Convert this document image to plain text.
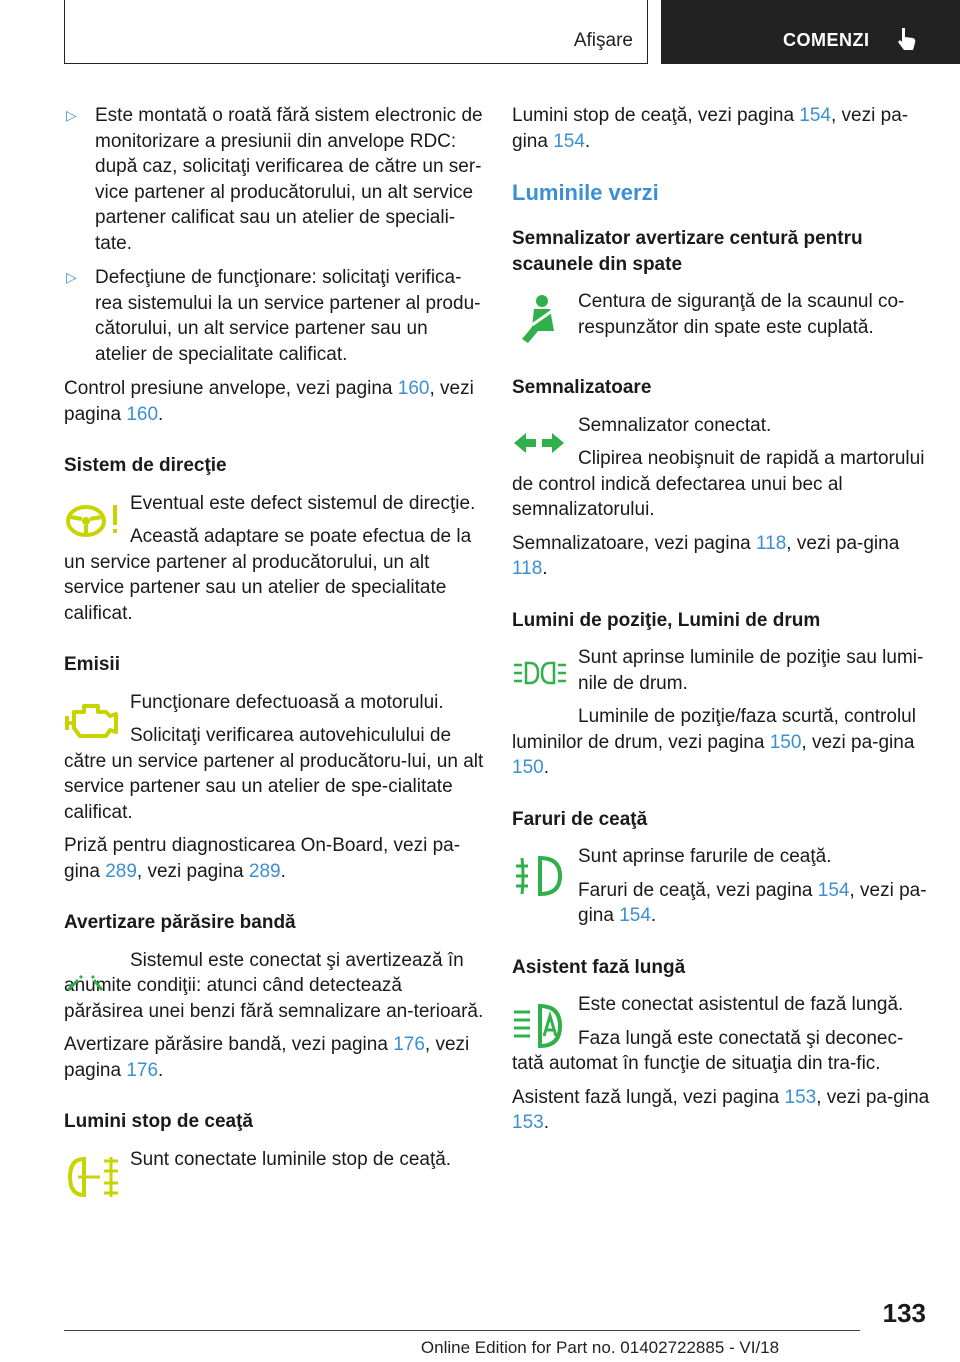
Afişare	COMENZI
▷ Este montată o roată fără sistem electronic de monitorizare a presiunii din anvelope RDC: după caz, solicitaţi verificarea de către un ser‐vice partener al producătorului, un alt service partener calificat sau un atelier de speciali‐tate.
▷ Defecţiune de funcţionare: solicitaţi verifica‐rea sistemului la un service partener al produ‐cătorului, un alt service partener sau un atelier de specialitate calificat.

Control presiune anvelope, vezi pagina 160, vezi pagina 160.

Sistem de direcţie

Eventual este defect sistemul de direcţie.

Această adaptare se poate efectua de la un service partener al producătorului, un alt service partener sau un atelier de specialitate calificat.

Emisii

Funcţionare defectuoasă a motorului.

Solicitaţi verificarea autovehiculului de către un service partener al producătoru‐lui, un alt service partener sau un atelier de spe‐cialitate calificat.

Priză pentru diagnosticarea On-Board, vezi pa‐gina 289, vezi pagina 289.

Avertizare părăsire bandă

Sistemul este conectat şi avertizează în anumite condiţii: atunci când detectează părăsirea unei benzi fără semnalizare an‐terioară.

Avertizare părăsire bandă, vezi pagina 176, vezi pagina 176.

Lumini stop de ceaţă

Sunt conectate luminile stop de ceaţă.

Lumini stop de ceaţă, vezi pagina 154, vezi pa‐gina 154.

Luminile verzi
Semnalizator avertizare centură pentru scaunele din spate

Centura de siguranţă de la scaunul co‐respunzător din spate este cuplată.

Semnalizatoare

Semnalizator conectat.

Clipirea neobişnuit de rapidă a martorului de control indică defectarea unui bec al semnalizatorului.

Semnalizatoare, vezi pagina 118, vezi pa‐gina 118.

Lumini de poziţie, Lumini de drum

Sunt aprinse luminile de poziţie sau lumi‐nile de drum.

Luminile de poziţie/faza scurtă, controlul luminilor de drum, vezi pagina 150, vezi pa‐gina 150.

Faruri de ceaţă

Sunt aprinse farurile de ceaţă.

Faruri de ceaţă, vezi pagina 154, vezi pa‐gina 154.

Asistent fază lungă

Este conectat asistentul de fază lungă.

Faza lungă este conectată şi deconec‐tată automat în funcţie de situaţia din tra‐fic.

Asistent fază lungă, vezi pagina 153, vezi pa‐gina 153.

133
Online Edition for Part no. 01402722885 - VI/18
